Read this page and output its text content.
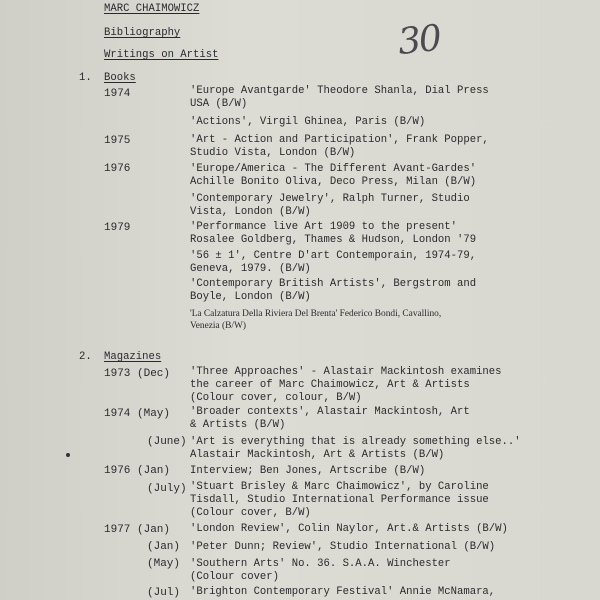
MARC CHAIMOWICZ
Bibliography
Writings on Artist	30
1. Books
1974	'Europe Avantgarde' Theodore Shanla, Dial Press
USA (B/W)
'Actions', Virgil Ghinea, Paris (B/W)
1975	'Art - Action and Participation', Frank Popper,
Studio Vista, London (B/W)
1976	'Europe/America - The Different Avant-Gardes'
Achille Bonito Oliva, Deco Press, Milan (B/W)
'Contemporary Jewelry', Ralph Turner, Studio
Vista, London (B/W)
1979	'Performance live Art 1909 to the present'
Rosalee Goldberg, Thames & Hudson, London '79
'56 ± 1', Centre D'art Contemporain, 1974-79,
Geneva, 1979. (B/W)
'Contemporary British Artists', Bergstrom and
Boyle, London (B/W)
'La Calzatura Della Riviera Del Brenta' Federico Bondi, Cavallino,
Venezia (B/W)
2. Magazines
1973 (Dec) 'Three Approaches' - Alastair Mackintosh examines
the career of Marc Chaimowicz, Art & Artists
(Colour cover, colour, B/W)
1974 (May) 'Broader contexts', Alastair Mackintosh, Art
& Artists (B/W)
(June) 'Art is everything that is already something else..'
Alastair Mackintosh, Art & Artists (B/W)
1976 (Jan) Interview; Ben Jones, Artscribe (B/W)
(July) 'Stuart Brisley & Marc Chaimowicz', by Caroline
Tisdall, Studio International Performance issue
(Colour cover, B/W)
1977 (Jan) 'London Review', Colin Naylor, Art.& Artists (B/W)
(Jan) 'Peter Dunn; Review', Studio International (B/W)
(May) 'Southern Arts' No. 36. S.A.A. Winchester
(Colour cover)
(Jul) 'Brighton Contemporary Festival' Annie McNamara,
